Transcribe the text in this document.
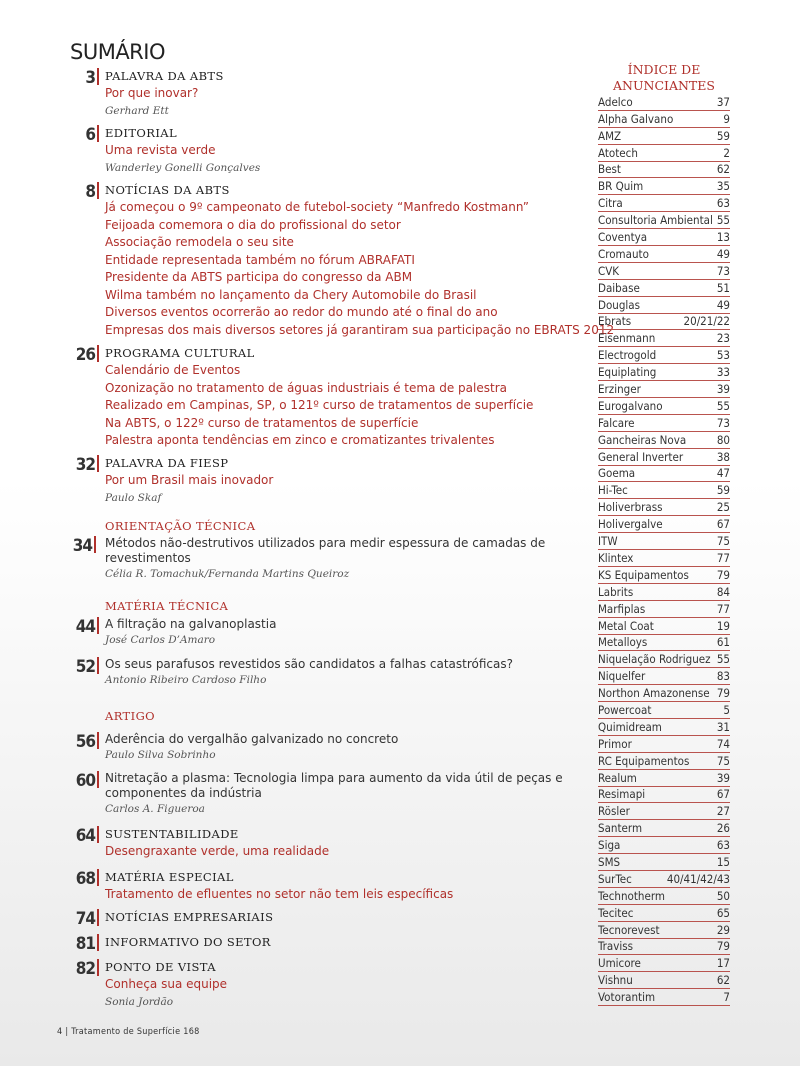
SUMÁRIO
3 PALAVRA DA ABTS
Por que inovar?
Gerhard Ett
6 EDITORIAL
Uma revista verde
Wanderley Gonelli Gonçalves
8 NOTÍCIAS DA ABTS
Já começou o 9º campeonato de futebol-society “Manfredo Kostmann”
Feijoada comemora o dia do profissional do setor
Associação remodela o seu site
Entidade representada também no fórum ABRAFATI
Presidente da ABTS participa do congresso da ABM
Wilma também no lançamento da Chery Automobile do Brasil
Diversos eventos ocorrerão ao redor do mundo até o final do ano
Empresas dos mais diversos setores já garantiram sua participação no EBRATS 2012
26 PROGRAMA CULTURAL
Calendário de Eventos
Ozonização no tratamento de águas industriais é tema de palestra
Realizado em Campinas, SP, o 121º curso de tratamentos de superfície
Na ABTS, o 122º curso de tratamentos de superfície
Palestra aponta tendências em zinco e cromatizantes trivalentes
32 PALAVRA DA FIESP
Por um Brasil mais inovador
Paulo Skaf
ORIENTAÇÃO TÉCNICA
34 Métodos não-destrutivos utilizados para medir espessura de camadas de revestimentos
Célia R. Tomachuk/Fernanda Martins Queiroz
MATÉRIA TÉCNICA
44 A filtração na galvanoplastia
José Carlos D’Amaro
52 Os seus parafusos revestidos são candidatos a falhas catastróficas?
Antonio Ribeiro Cardoso Filho
ARTIGO
56 Aderência do vergalhão galvanizado no concreto
Paulo Silva Sobrinho
60 Nitretação a plasma: Tecnologia limpa para aumento da vida útil de peças e componentes da indústria
Carlos A. Figueroa
64 SUSTENTABILIDADE
Desengraxante verde, uma realidade
68 MATÉRIA ESPECIAL
Tratamento de efluentes no setor não tem leis específicas
74 NOTÍCIAS EMPRESARIAIS
81 INFORMATIVO DO SETOR
82 PONTO DE VISTA
Conheça sua equipe
Sonia Jordão
ÍNDICE DE
ANUNCIANTES
Adelco	37
Alpha Galvano	9
AMZ	59
Atotech	2
Best	62
BR Quim	35
Citra	63
Consultoria Ambiental 55
Coventya	13
Cromauto	49
CVK	73
Daibase	51
Douglas	49
Ebrats	20/21/22
Eisenmann	23
Electrogold	53
Equiplating	33
Erzinger	39
Eurogalvano	55
Falcare	73
Gancheiras Nova	80
General Inverter	38
Goema	47
Hi-Tec	59
Holiverbrass	25
Holivergalve	67
ITW	75
Klintex	77
KS Equipamentos 79
Labrits	84
Marfiplas	77
Metal Coat	19
Metalloys	61
Niquelação Rodriguez 55
Niquelfer	83
Northon Amazonense 79
Powercoat	5
Quimidream	31
Primor	74
RC Equipamentos 75
Realum	39
Resimapi	67
Rösler	27
Santerm	26
Siga	63
SMS	15
SurTec	40/41/42/43
Technotherm	50
Tecitec	65
Tecnorevest	29
Traviss	79
Umicore	17
Vishnu	62
Votorantim	7
4 | Tratamento de Superfície 168
